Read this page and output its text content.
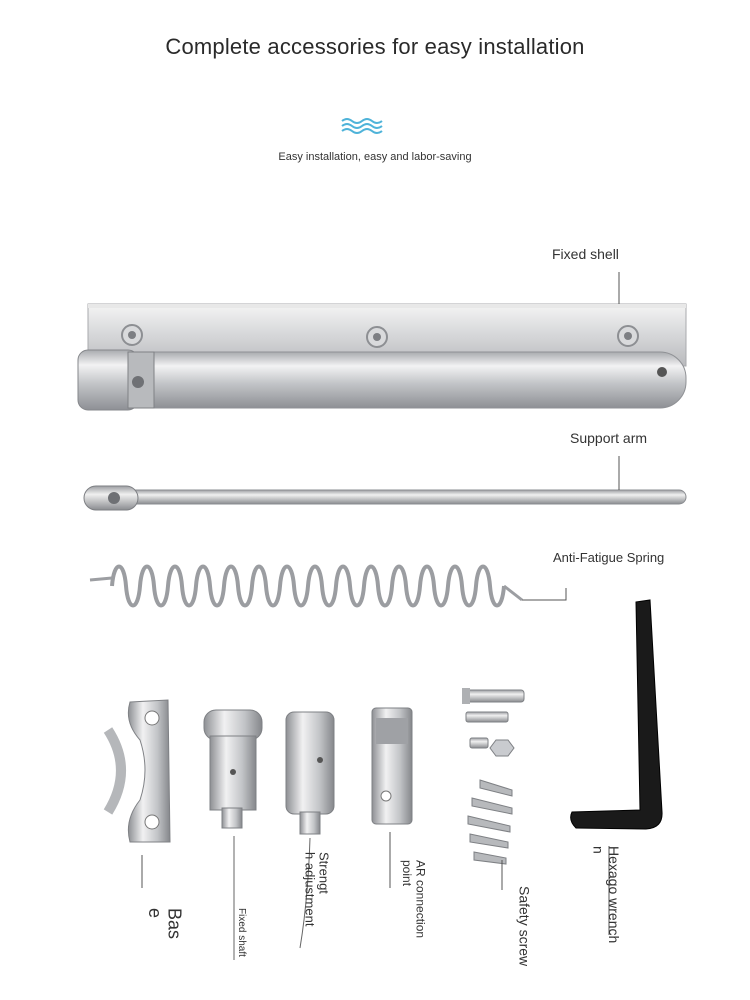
Complete accessories for easy installation
Easy installation, easy and labor-saving
Fixed shell
Support arm
Anti-Fatigue Spring
Bas
e	Fixed shaft
Strengt
h adjustment	AR connection
point
Safety screw
Hexago wrench
n
